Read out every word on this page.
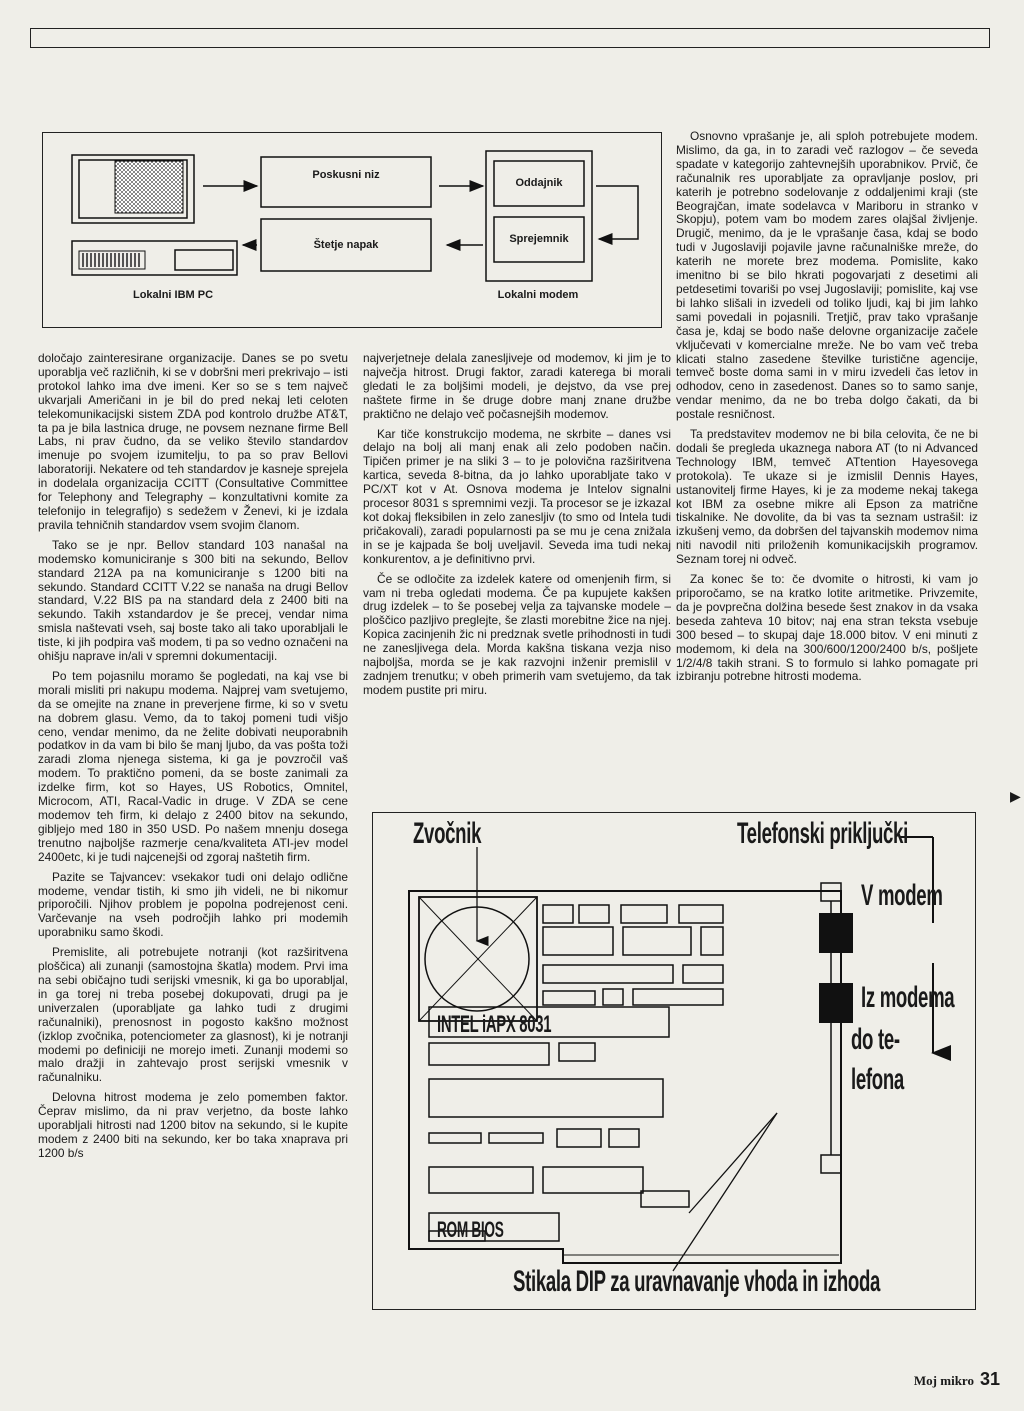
Poskusni niz
Štetje napak
Oddajnik
Sprejemnik
Lokalni IBM PC	Lokalni modem

določajo zainteresirane organizacije. Danes se po svetu uporablja več različnih, ki se v dobršni meri prekrivajo – isti protokol lahko ima dve imeni. Ker so se s tem največ ukvarjali Američani in je bil do pred nekaj leti celoten telekomunikacijski sistem ZDA pod kontrolo družbe AT&T, ta pa je bila lastnica druge, ne povsem neznane firme Bell Labs, ni prav čudno, da se veliko število standardov imenuje po svojem izumitelju, to pa so prav Bellovi laboratoriji. Nekatere od teh standardov je kasneje sprejela in dodelala organizacija CCITT (Consultative Committee for Telephony and Telegraphy – konzultativni komite za telefonijo in telegrafijo) s sedežem v Ženevi, ki je izdala pravila tehničnih standardov vsem svojim članom.

Tako se je npr. Bellov standard 103 nanašal na modemsko komuniciranje s 300 biti na sekundo, Bellov standard 212A pa na komuniciranje s 1200 biti na sekundo. Standard CCITT V.22 se nanaša na drugi Bellov standard, V.22 BIS pa na standard dela z 2400 biti na sekundo. Takih xstandardov je še precej, vendar nima smisla naštevati vseh, saj boste tako ali tako uporabljali le tiste, ki jih podpira vaš modem, ti pa so vedno označeni na ohišju naprave in/ali v spremni dokumentaciji.

Po tem pojasnilu moramo še pogledati, na kaj vse bi morali misliti pri nakupu modema. Najprej vam svetujemo, da se omejite na znane in preverjene firme, ki so v svetu na dobrem glasu. Vemo, da to takoj pomeni tudi višjo ceno, vendar menimo, da ne želite dobivati neuporabnih podatkov in da vam bi bilo še manj ljubo, da vas pošta toži zaradi zloma njenega sistema, ki ga je povzročil vaš modem. To praktično pomeni, da se boste zanimali za izdelke firm, kot so Hayes, US Robotics, Omnitel, Microcom, ATI, Racal-Vadic in druge. V ZDA se cene modemov teh firm, ki delajo z 2400 bitov na sekundo, gibljejo med 180 in 350 USD. Po našem mnenju dosega trenutno najboljše razmerje cena/kvaliteta ATI-jev model 2400etc, ki je tudi najcenejši od zgoraj naštetih firm.

Pazite se Tajvancev: vsekakor tudi oni delajo odlične modeme, vendar tistih, ki smo jih videli, ne bi nikomur priporočili. Njihov problem je popolna podrejenost ceni. Varčevanje na vseh področjih lahko pri modemih uporabniku samo škodi.

Premislite, ali potrebujete notranji (kot razširitvena ploščica) ali zunanji (samostojna škatla) modem. Prvi ima na sebi običajno tudi serijski vmesnik, ki ga bo uporabljal, in ga torej ni treba posebej dokupovati, drugi pa je univerzalen (uporabljate ga lahko tudi z drugimi računalniki), prenosnost in pogosto kakšno možnost (izklop zvočnika, potenciometer za glasnost), ki je notranji modemi po definiciji ne morejo imeti. Zunanji modemi so malo dražji in zahtevajo prost serijski vmesnik v računalniku.

Delovna hitrost modema je zelo pomemben faktor. Čeprav mislimo, da ni prav verjetno, da boste lahko uporabljali hitrosti nad 1200 bitov na sekundo, si le kupite modem z 2400 biti na sekundo, ker bo taka xnaprava pri 1200 b/s

najverjetneje delala zanesljiveje od modemov, ki jim je to največja hitrost. Drugi faktor, zaradi katerega bi morali gledati le za boljšimi modeli, je dejstvo, da vse prej naštete firme in še druge dobre manj znane družbe praktično ne delajo več počasnejših modemov.

Kar tiče konstrukcijo modema, ne skrbite – danes vsi delajo na bolj ali manj enak ali zelo podoben način. Tipičen primer je na sliki 3 – to je polovična razširitvena kartica, seveda 8-bitna, da jo lahko uporabljate tako v PC/XT kot v At. Osnova modema je Intelov signalni procesor 8031 s spremnimi vezji. Ta procesor se je izkazal kot dokaj fleksibilen in zelo zanesljiv (to smo od Intela tudi pričakovali), zaradi popularnosti pa se mu je cena znižala in se je kajpada še bolj uveljavil. Seveda ima tudi nekaj konkurentov, a je definitivno prvi.

Če se odločite za izdelek katere od omenjenih firm, si vam ni treba ogledati modema. Če pa kupujete kakšen drug izdelek – to še posebej velja za tajvanske modele – ploščico pazljivo preglejte, še zlasti morebitne žice na njej. Kopica zacinjenih žic ni predznak svetle prihodnosti in tudi ne zanesljivega dela. Morda kakšna tiskana vezja niso najboljša, morda se je kak razvojni inženir premislil v zadnjem trenutku; v obeh primerih vam svetujemo, da tak modem pustite pri miru.

Osnovno vprašanje je, ali sploh potrebujete modem. Mislimo, da ga, in to zaradi več razlogov – če seveda spadate v kategorijo zahtevnejših uporabnikov. Prvič, če računalnik res uporabljate za opravljanje poslov, pri katerih je potrebno sodelovanje z oddaljenimi kraji (ste Beograjčan, imate sodelavca v Mariboru in stranko v Skopju), potem vam bo modem zares olajšal življenje. Drugič, menimo, da je le vprašanje časa, kdaj se bodo tudi v Jugoslaviji pojavile javne računalniške mreže, do katerih ne morete brez modema. Pomislite, kako imenitno bi se bilo hkrati pogovarjati z desetimi ali petdesetimi tovariši po vsej Jugoslaviji; pomislite, kaj vse bi lahko slišali in izvedeli od toliko ljudi, kaj bi jim lahko sami povedali in pojasnili. Tretjič, prav tako vprašanje časa je, kdaj se bodo naše delovne organizacije začele vključevati v komercialne mreže. Ne bo vam več treba klicati stalno zasedene številke turistične agencije, temveč boste doma sami in v miru izvedeli čas letov in odhodov, ceno in zasedenost. Danes so to samo sanje, vendar menimo, da ne bo treba dolgo čakati, da bi postale resničnost.

Ta predstavitev modemov ne bi bila celovita, če ne bi dodali še pregleda ukaznega nabora AT (to ni Advanced Technology IBM, temveč ATtention Hayesovega protokola). Te ukaze si je izmislil Dennis Hayes, ustanovitelj firme Hayes, ki je za modeme nekaj takega kot IBM za osebne mikre ali Epson za matrične tiskalnike. Ne dovolite, da bi vas ta seznam ustrašil: iz izkušenj vemo, da dobršen del tajvanskih modemov nima niti navodil niti priloženih komunikacijskih programov. Seznam torej ni odveč.

Za konec še to: če dvomite o hitrosti, ki vam jo priporočamo, se na kratko lotite aritmetike. Privzemite, da je povprečna dolžina besede šest znakov in da vsaka beseda zahteva 10 bitov; naj ena stran teksta vsebuje 300 besed – to skupaj daje 18.000 bitov. V eni minuti z modemom, ki dela na 300/600/1200/2400 b/s, pošljete 1/2/4/8 takih strani. S to formulo si lahko pomagate pri izbiranju potrebne hitrosti modema.

▶
Zvočnik	Telefonski priključki
V modem
Iz modema
do te-
lefona
INTEL iAPX 8031
ROM BIOS
Stikala DIP za uravnavanje vhoda in izhoda
Moj mikro 31
